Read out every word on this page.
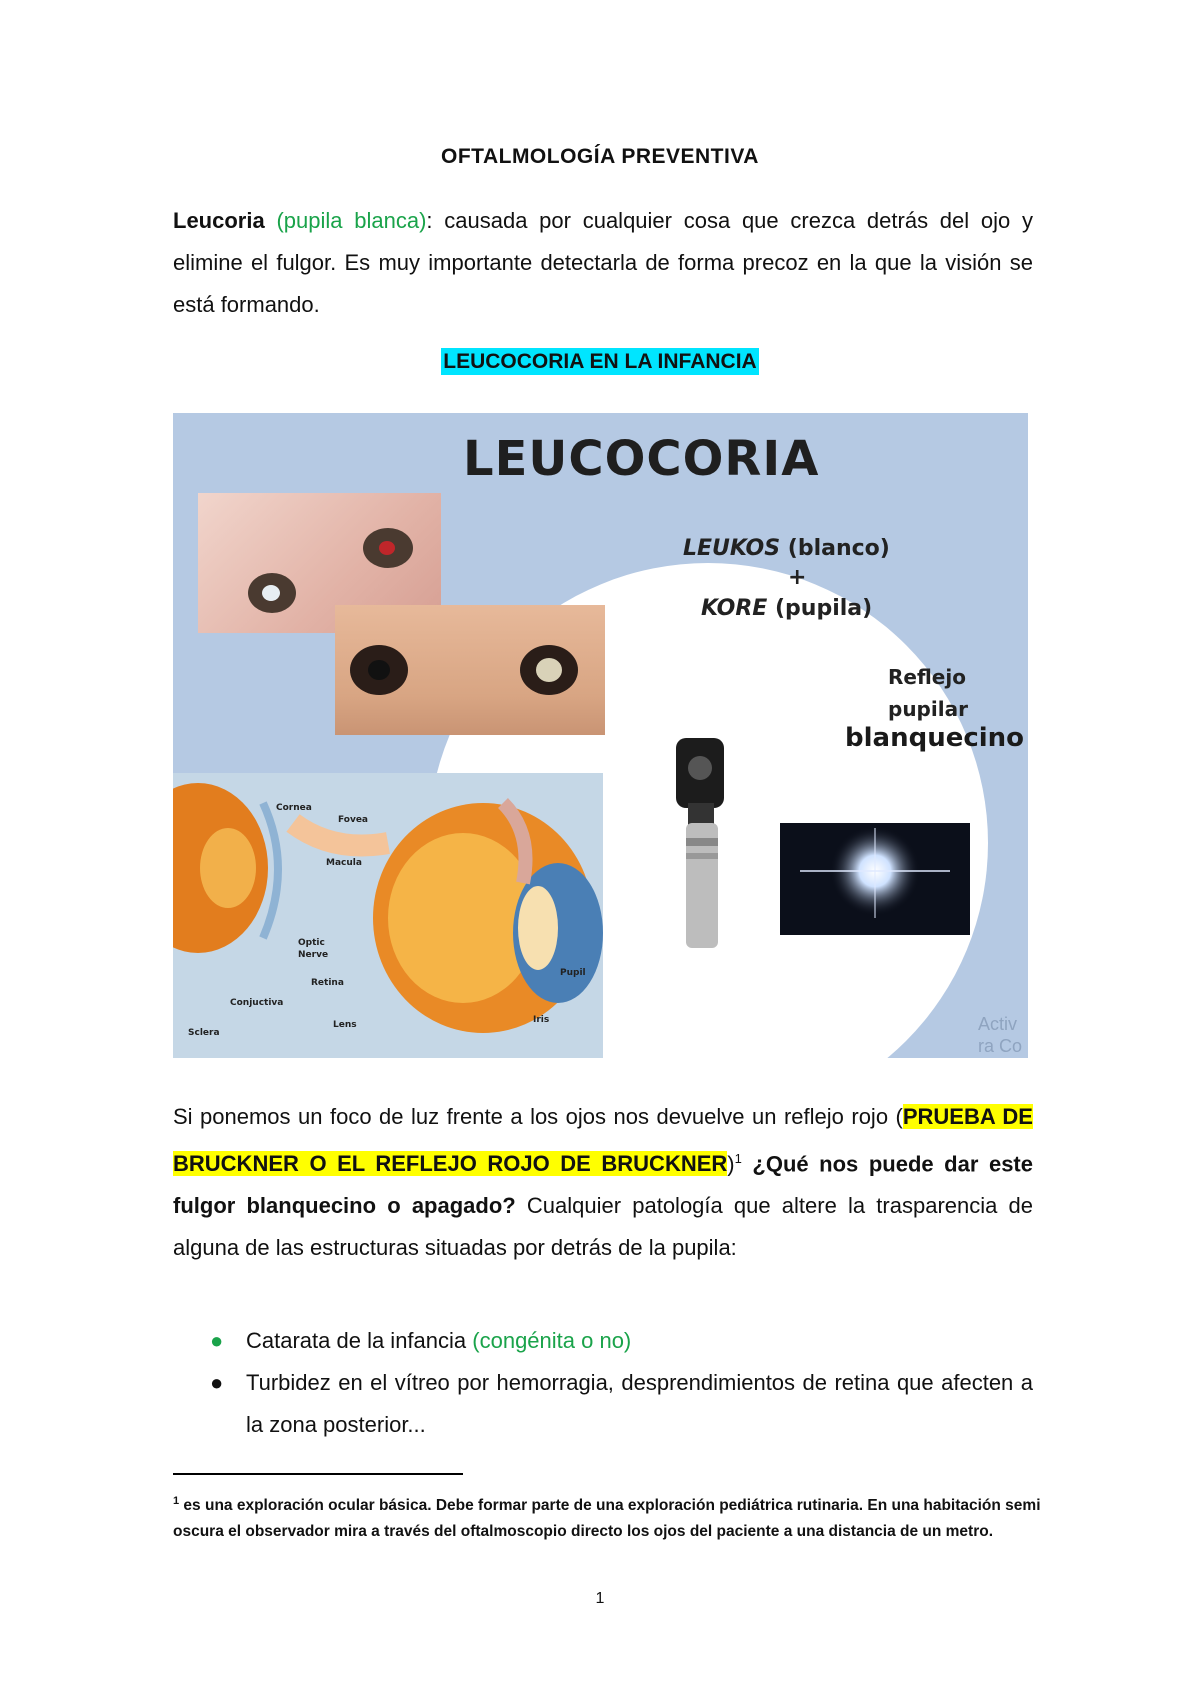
OFTALMOLOGÍA PREVENTIVA

Leucoria (pupila blanca): causada por cualquier cosa que crezca detrás del ojo y elimine el fulgor. Es muy importante detectarla de forma precoz en la que la visión se está formando.

LEUCOCORIA EN LA INFANCIA
LEUCOCORIA
LEUKOS (blanco)
+
KORE (pupila)
Reflejo
pupilar
blanquecino
Cornea
Fovea
Macula
Optic
Nerve
Retina
Conjuctiva
Sclera
Lens	Iris
Pupil
Activ
ra Co

Si ponemos un foco de luz frente a los ojos nos devuelve un reflejo rojo (PRUEBA DE BRUCKNER O EL REFLEJO ROJO DE BRUCKNER)$^1$ ¿Qué nos puede dar este fulgor blanquecino o apagado? Cualquier patología que altere la trasparencia de alguna de las estructuras situadas por detrás de la pupila:

● Catarata de la infancia (congénita o no)
● Turbidez en el vítreo por hemorragia, desprendimientos de retina que afecten a la zona posterior...

$^1$ es una exploración ocular básica. Debe formar parte de una exploración pediátrica rutinaria. En una habitación semi oscura el observador mira a través del oftalmoscopio directo los ojos del paciente a una distancia de un metro.

1
